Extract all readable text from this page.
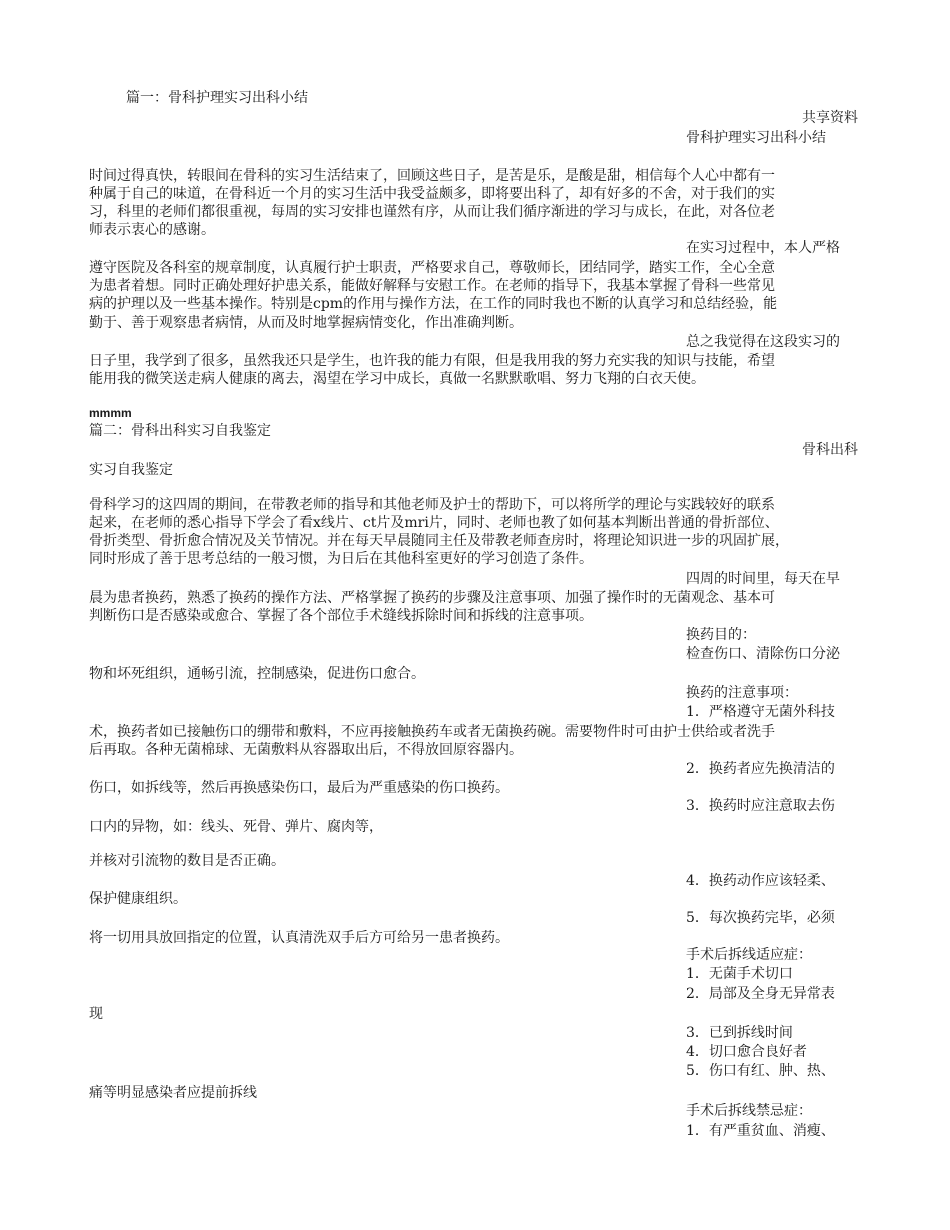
篇一：骨科护理实习出科小结
共享资料
骨科护理实习出科小结
时间过得真快，转眼间在骨科的实习生活结束了，回顾这些日子，是苦是乐，是酸是甜，相信每个人心中都有一
种属于自己的味道，在骨科近一个月的实习生活中我受益颇多，即将要出科了，却有好多的不舍，对于我们的实
习，科里的老师们都很重视，每周的实习安排也谨然有序，从而让我们循序渐进的学习与成长，在此，对各位老
师表示衷心的感谢。
在实习过程中，本人严格
遵守医院及各科室的规章制度，认真履行护士职责，严格要求自己，尊敬师长，团结同学，踏实工作，全心全意
为患者着想。同时正确处理好护患关系，能做好解释与安慰工作。在老师的指导下，我基本掌握了骨科一些常见
病的护理以及一些基本操作。特别是cpm的作用与操作方法，在工作的同时我也不断的认真学习和总结经验，能
勤于、善于观察患者病情，从而及时地掌握病情变化，作出准确判断。
总之我觉得在这段实习的
日子里，我学到了很多，虽然我还只是学生，也许我的能力有限，但是我用我的努力充实我的知识与技能，希望
能用我的微笑送走病人健康的离去，渴望在学习中成长，真做一名默默歌唱、努力飞翔的白衣天使。
mmmm
篇二：骨科出科实习自我鉴定
骨科出科
实习自我鉴定
骨科学习的这四周的期间，在带教老师的指导和其他老师及护士的帮助下，可以将所学的理论与实践较好的联系
起来，在老师的悉心指导下学会了看x线片、ct片及mri片，同时、老师也教了如何基本判断出普通的骨折部位、
骨折类型、骨折愈合情况及关节情况。并在每天早晨随同主任及带教老师查房时，将理论知识进一步的巩固扩展，
同时形成了善于思考总结的一般习惯，为日后在其他科室更好的学习创造了条件。
四周的时间里，每天在早
晨为患者换药，熟悉了换药的操作方法、严格掌握了换药的步骤及注意事项、加强了操作时的无菌观念、基本可
判断伤口是否感染或愈合、掌握了各个部位手术缝线拆除时间和拆线的注意事项。
换药目的：
检查伤口、清除伤口分泌
物和坏死组织，通畅引流，控制感染，促进伤口愈合。
换药的注意事项：
1．严格遵守无菌外科技
术，换药者如已接触伤口的绷带和敷料，不应再接触换药车或者无菌换药碗。需要物件时可由护士供给或者洗手
后再取。各种无菌棉球、无菌敷料从容器取出后，不得放回原容器内。
2．换药者应先换清洁的
伤口，如拆线等，然后再换感染伤口，最后为严重感染的伤口换药。
3．换药时应注意取去伤
口内的异物，如：线头、死骨、弹片、腐肉等，
并核对引流物的数目是否正确。
4．换药动作应该轻柔、
保护健康组织。
5．每次换药完毕，必须
将一切用具放回指定的位置，认真清洗双手后方可给另一患者换药。
手术后拆线适应症：
1．无菌手术切口
2．局部及全身无异常表
现
3．已到拆线时间
4．切口愈合良好者
5．伤口有红、肿、热、
痛等明显感染者应提前拆线
手术后拆线禁忌症：
1．有严重贫血、消瘦、
